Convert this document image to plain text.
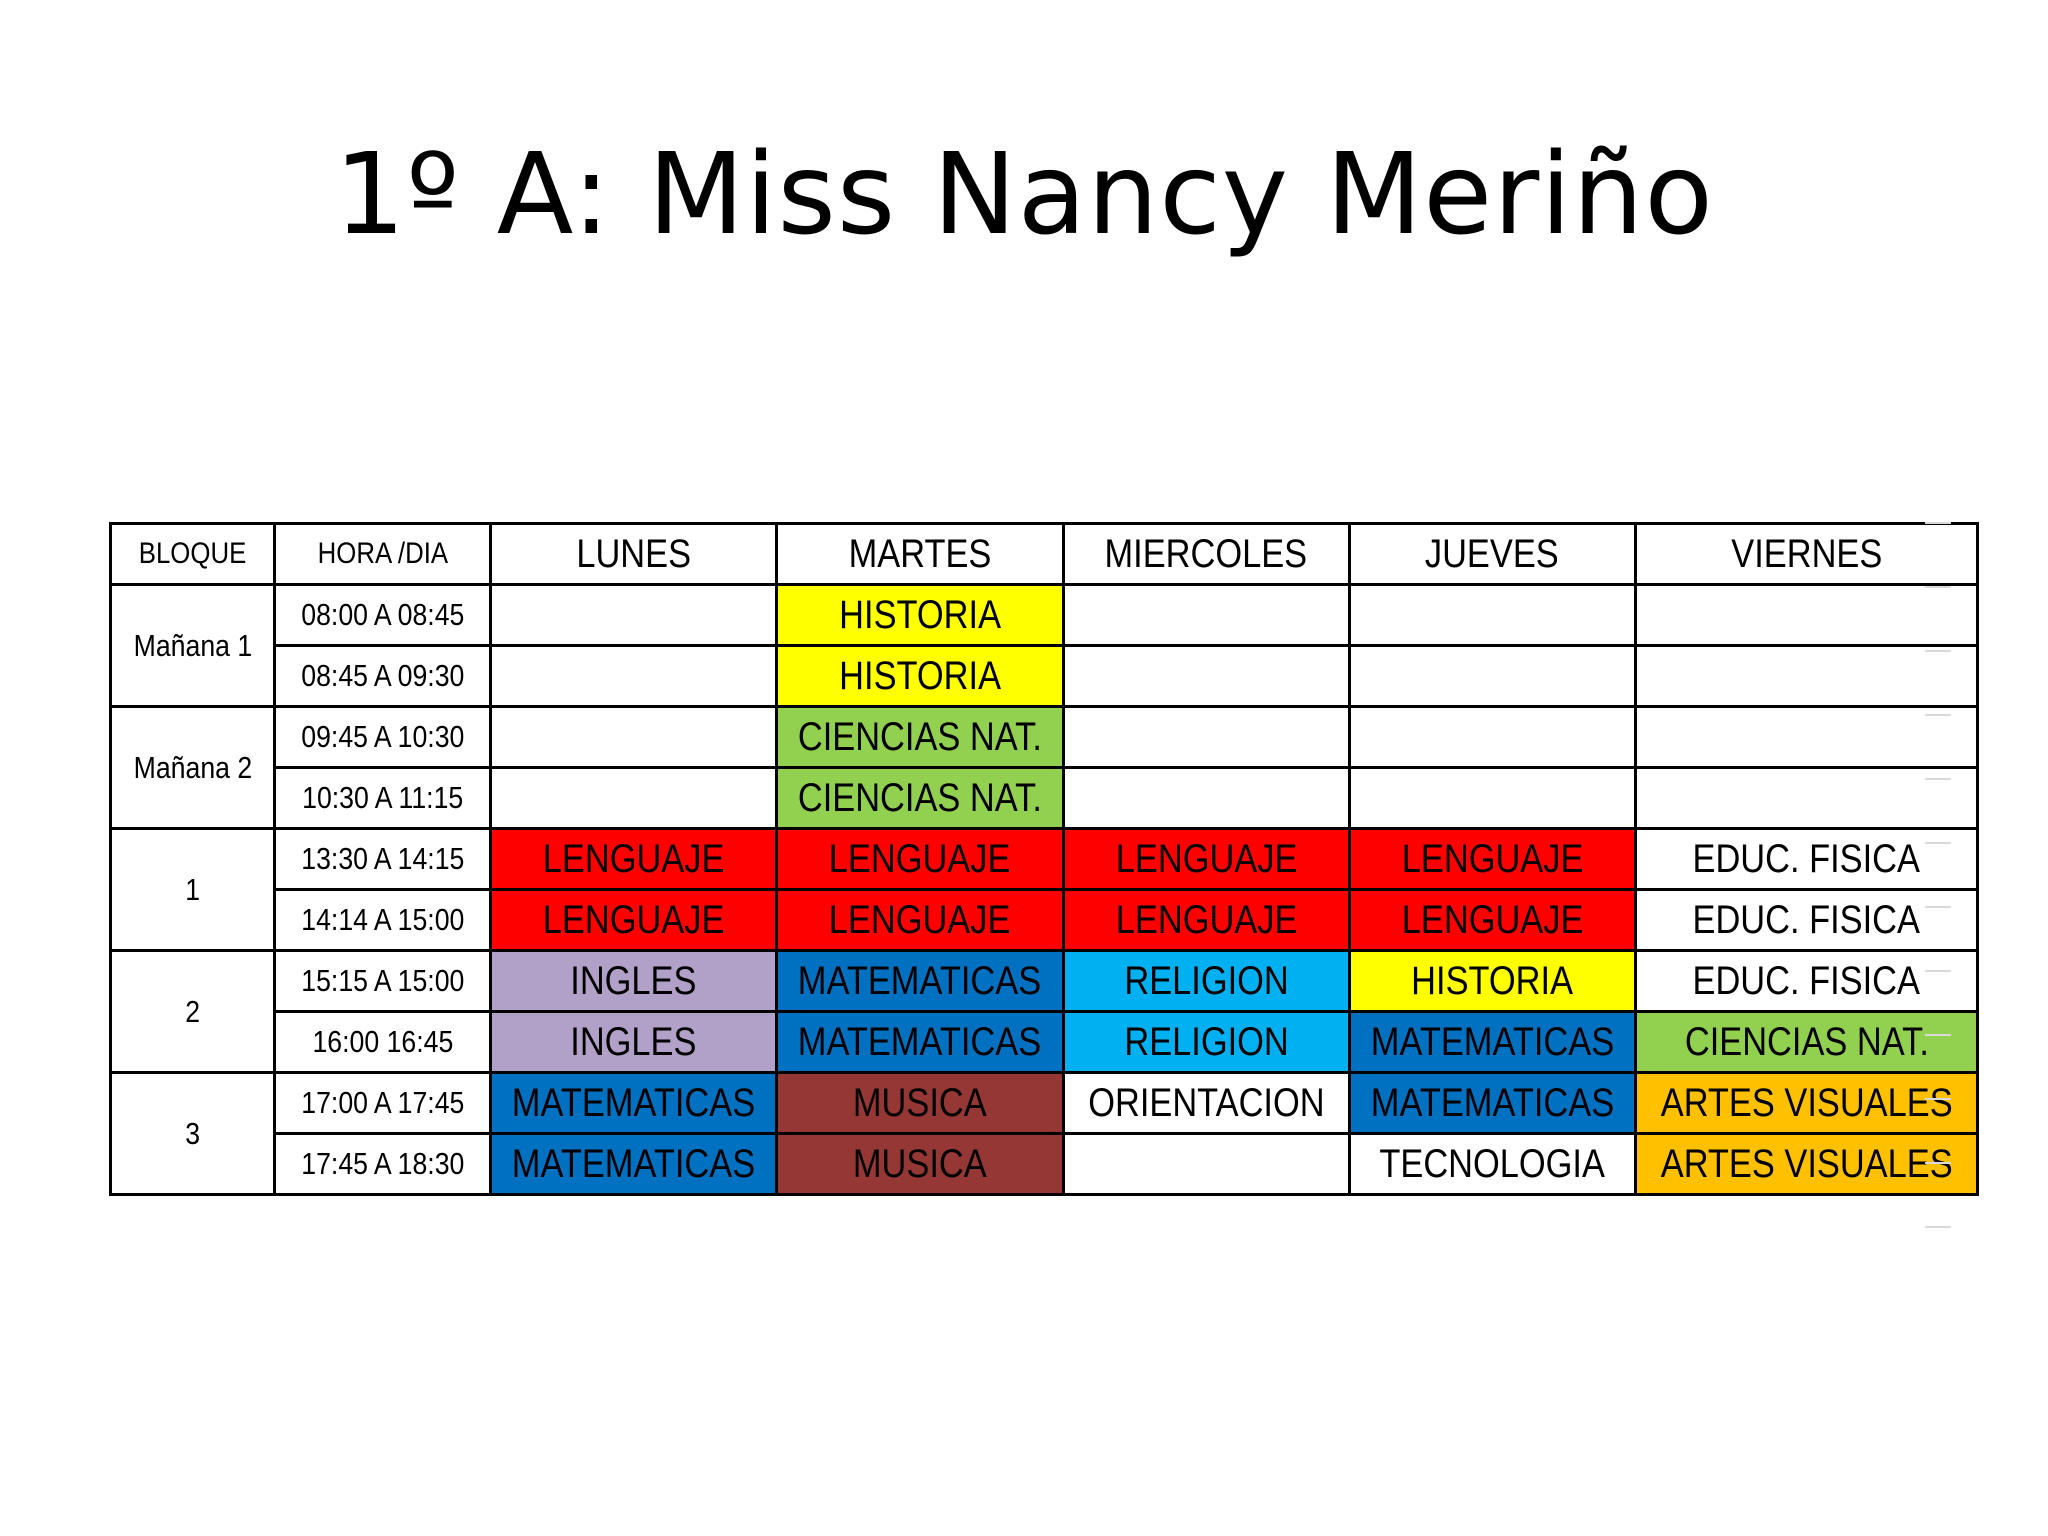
1º A: Miss Nancy Meriño
BLOQUE	HORA /DIA	LUNES	MARTES	MIERCOLES	JUEVES	VIERNES
Mañana 1	08:00 A 08:45		HISTORIA			
	08:45 A 09:30		HISTORIA			
Mañana 2	09:45 A 10:30		CIENCIAS NAT.			
	10:30 A 11:15		CIENCIAS NAT.			
1	13:30 A 14:15	LENGUAJE	LENGUAJE	LENGUAJE	LENGUAJE	EDUC. FISICA
	14:14 A 15:00	LENGUAJE	LENGUAJE	LENGUAJE	LENGUAJE	EDUC. FISICA
2	15:15 A 15:00	INGLES	MATEMATICAS	RELIGION	HISTORIA	EDUC. FISICA
	16:00 16:45	INGLES	MATEMATICAS	RELIGION	MATEMATICAS	CIENCIAS NAT.
3	17:00 A 17:45	MATEMATICAS	MUSICA	ORIENTACION	MATEMATICAS	ARTES VISUALES
	17:45 A 18:30	MATEMATICAS	MUSICA		TECNOLOGIA	ARTES VISUALES
